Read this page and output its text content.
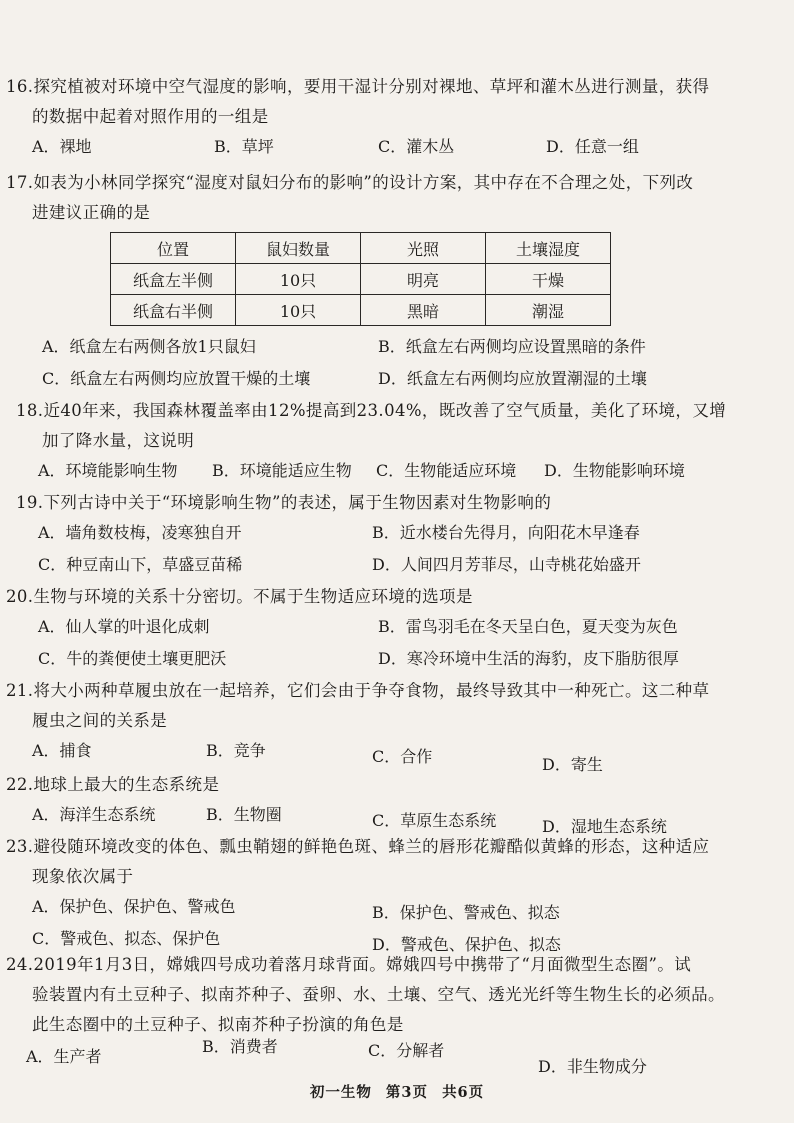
16.探究植被对环境中空气湿度的影响，要用干湿计分别对裸地、草坪和灌木丛进行测量，获得
的数据中起着对照作用的一组是
A．裸地	B．草坪	C．灌木丛	D．任意一组
17.如表为小林同学探究“湿度对鼠妇分布的影响”的设计方案，其中存在不合理之处，下列改
进建议正确的是
位置	鼠妇数量	光照	土壤湿度
纸盒左半侧	10只	明亮	干燥
纸盒右半侧	10只	黑暗	潮湿
A．纸盒左右两侧各放1只鼠妇	B．纸盒左右两侧均应设置黑暗的条件
C．纸盒左右两侧均应放置干燥的土壤	D．纸盒左右两侧均应放置潮湿的土壤
18.近40年来，我国森林覆盖率由12%提高到23.04%，既改善了空气质量，美化了环境，又增
加了降水量，这说明
A．环境能影响生物 B．环境能适应生物 C．生物能适应环境 D．生物能影响环境
19.下列古诗中关于“环境影响生物”的表述，属于生物因素对生物影响的
A．墙角数枝梅，凌寒独自开	B．近水楼台先得月，向阳花木早逢春
C．种豆南山下，草盛豆苗稀	D．人间四月芳菲尽，山寺桃花始盛开
20.生物与环境的关系十分密切。不属于生物适应环境的选项是
A．仙人掌的叶退化成刺	B．雷鸟羽毛在冬天呈白色，夏天变为灰色
C．牛的粪便使土壤更肥沃	D．寒冷环境中生活的海豹，皮下脂肪很厚
21.将大小两种草履虫放在一起培养，它们会由于争夺食物，最终导致其中一种死亡。这二种草
履虫之间的关系是
A．捕食	B．竞争	C．合作	D．寄生
22.地球上最大的生态系统是
A．海洋生态系统	B．生物圈	C．草原生态系统	D．湿地生态系统
23.避役随环境改变的体色、瓢虫鞘翅的鲜艳色斑、蜂兰的唇形花瓣酷似黄蜂的形态，这种适应
现象依次属于
A．保护色、保护色、警戒色	B．保护色、警戒色、拟态
C．警戒色、拟态、保护色	D．警戒色、保护色、拟态
24.2019年1月3日，嫦娥四号成功着落月球背面。嫦娥四号中携带了“月面微型生态圈”。试
验装置内有土豆种子、拟南芥种子、蚕卵、水、土壤、空气、透光光纤等生物生长的必须品。
此生态圈中的土豆种子、拟南芥种子扮演的角色是
A．生产者
B．消费者	C．分解者
D．非生物成分
初一生物 第3页 共6页
